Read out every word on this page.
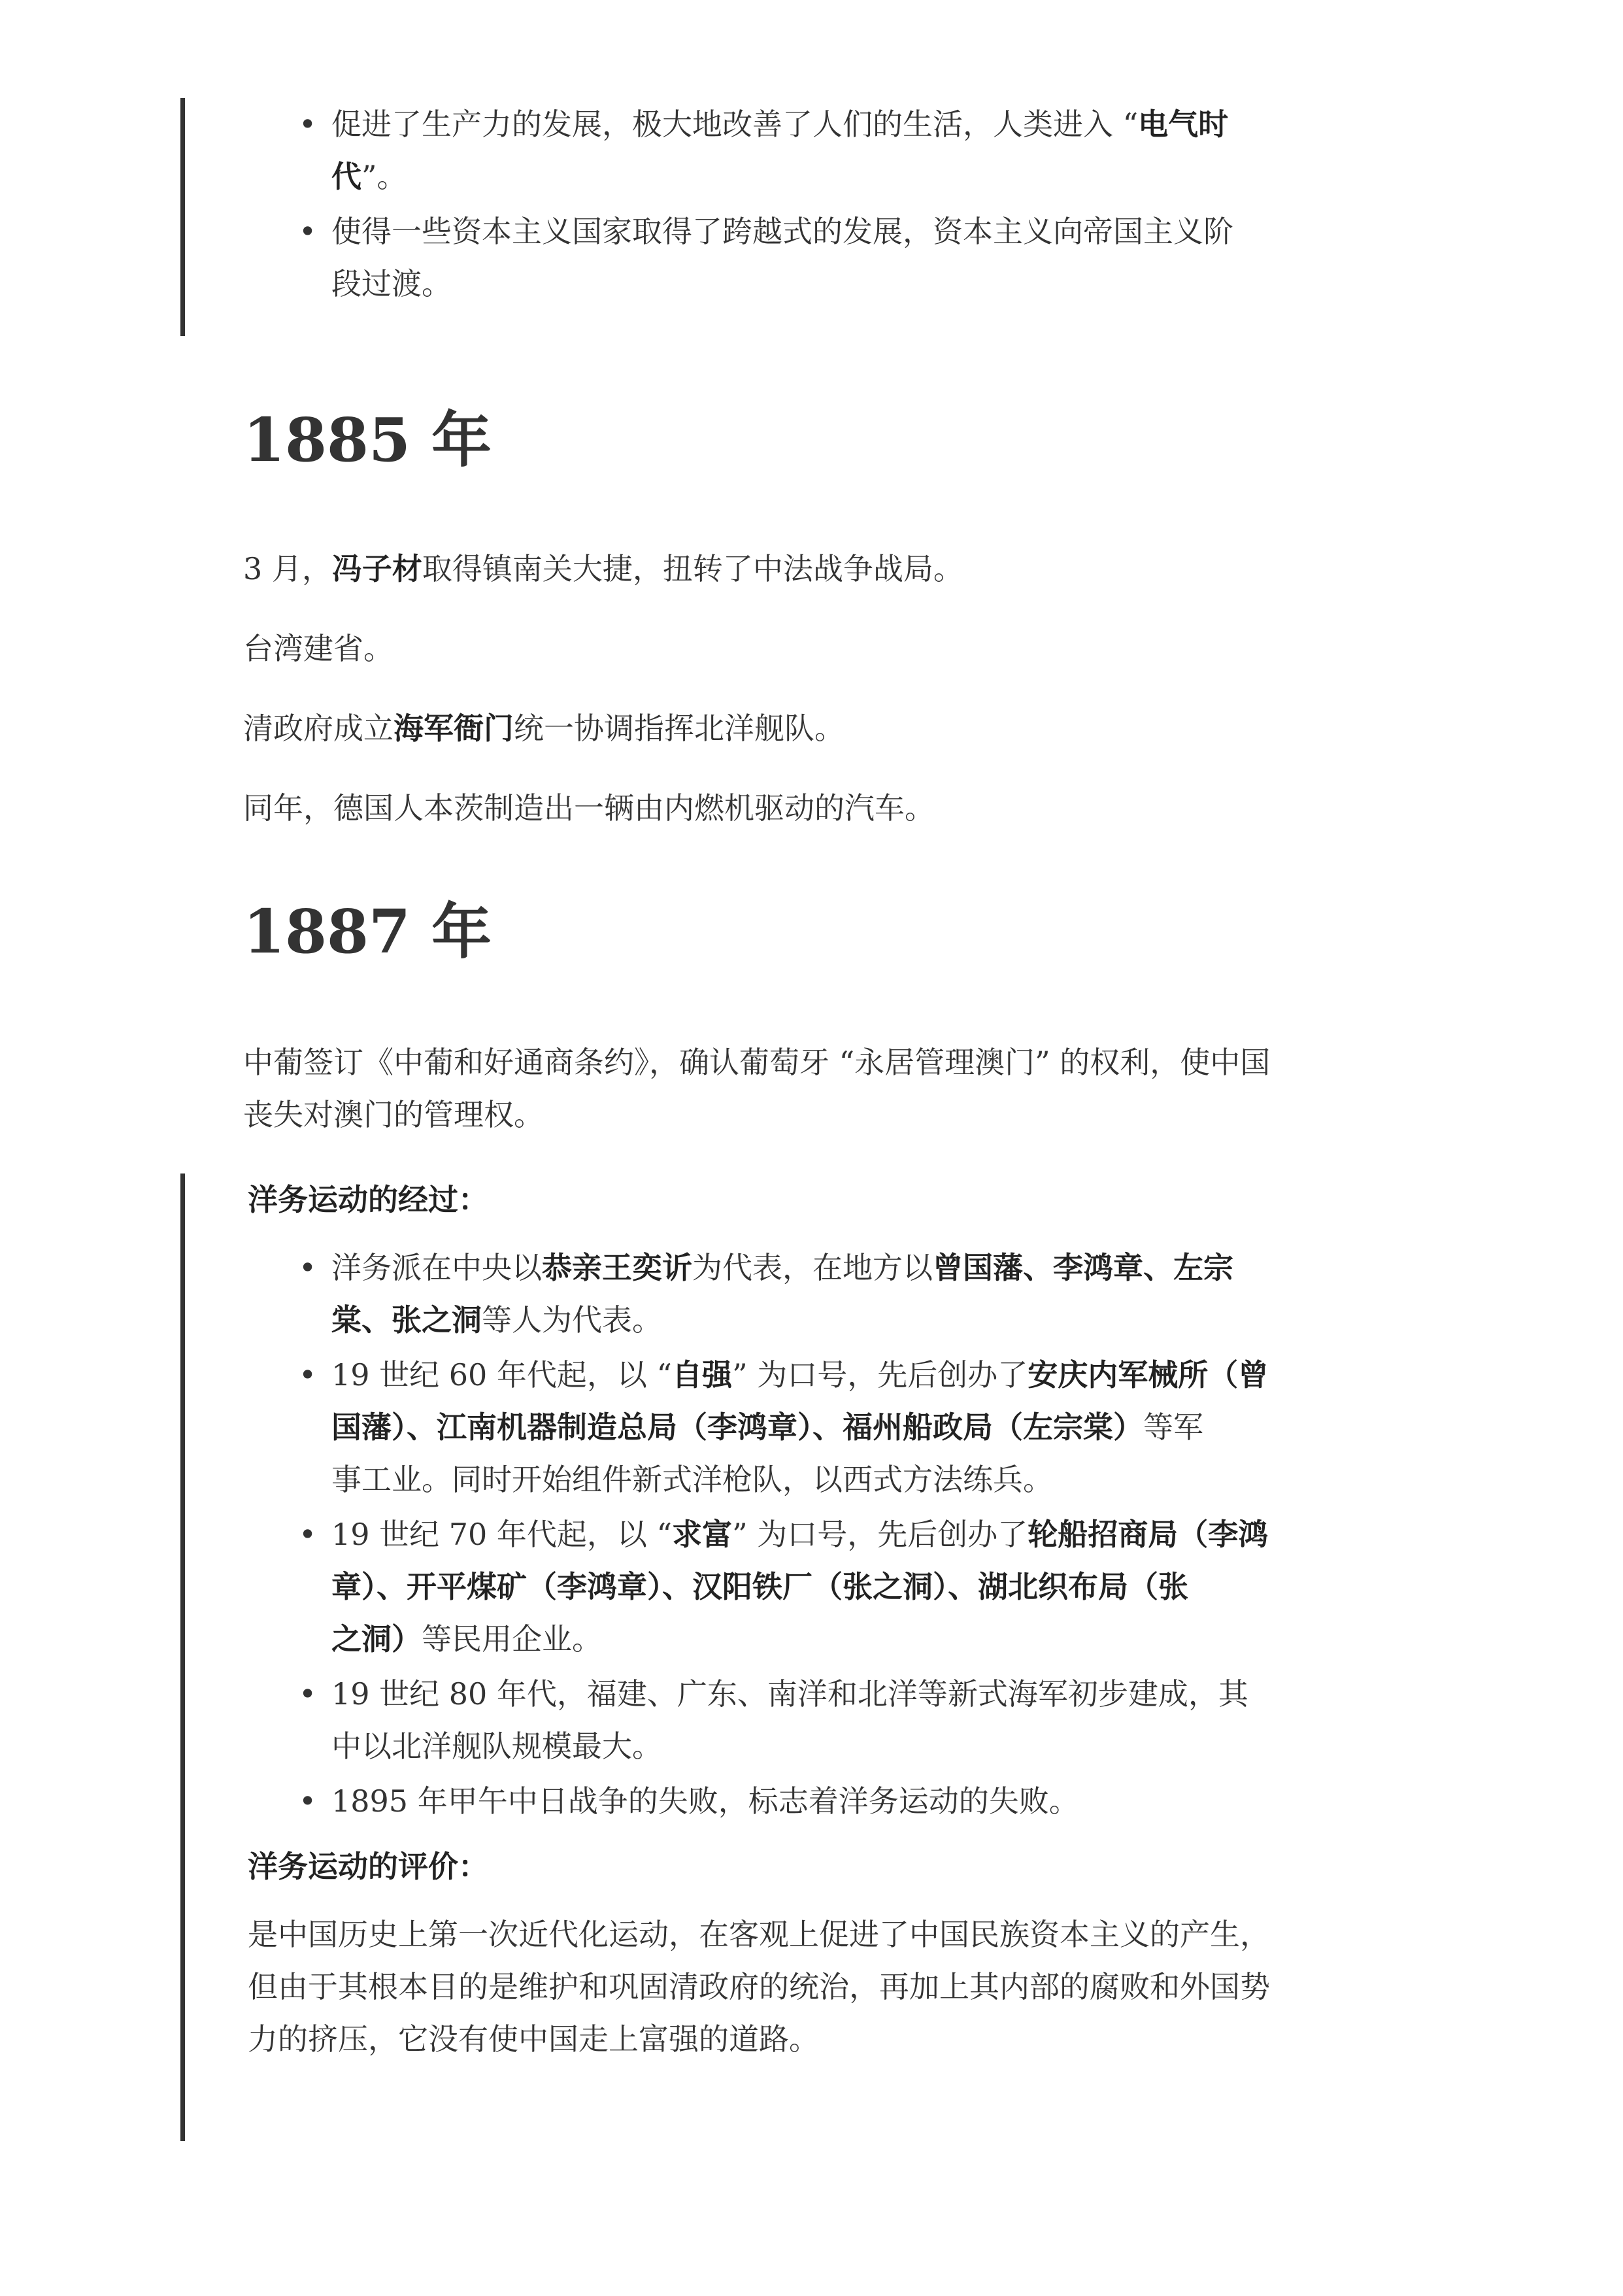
• 促进了生产力的发展，极大地改善了人们的生活，人类进入 “电气时
代”。
• 使得一些资本主义国家取得了跨越式的发展，资本主义向帝国主义阶
段过渡。
1885 年

3 月，冯子材取得镇南关大捷，扭转了中法战争战局。

台湾建省。

清政府成立海军衙门统一协调指挥北洋舰队。

同年，德国人本茨制造出一辆由内燃机驱动的汽车。

1887 年

中葡签订《中葡和好通商条约》，确认葡萄牙 “永居管理澳门” 的权利，使中国
丧失对澳门的管理权。

洋务运动的经过：

• 洋务派在中央以恭亲王奕䜣为代表，在地方以曾国藩、李鸿章、左宗
棠、张之洞等人为代表。
• 19 世纪 60 年代起，以 “自强” 为口号，先后创办了安庆内军械所（曾
国藩）、江南机器制造总局（李鸿章）、福州船政局（左宗棠）等军
事工业。同时开始组件新式洋枪队，以西式方法练兵。
• 19 世纪 70 年代起，以 “求富” 为口号，先后创办了轮船招商局（李鸿
章）、开平煤矿（李鸿章）、汉阳铁厂（张之洞）、湖北织布局（张
之洞）等民用企业。
• 19 世纪 80 年代，福建、广东、南洋和北洋等新式海军初步建成，其
中以北洋舰队规模最大。
• 1895 年甲午中日战争的失败，标志着洋务运动的失败。

洋务运动的评价：

是中国历史上第一次近代化运动，在客观上促进了中国民族资本主义的产生，
但由于其根本目的是维护和巩固清政府的统治，再加上其内部的腐败和外国势
力的挤压，它没有使中国走上富强的道路。
